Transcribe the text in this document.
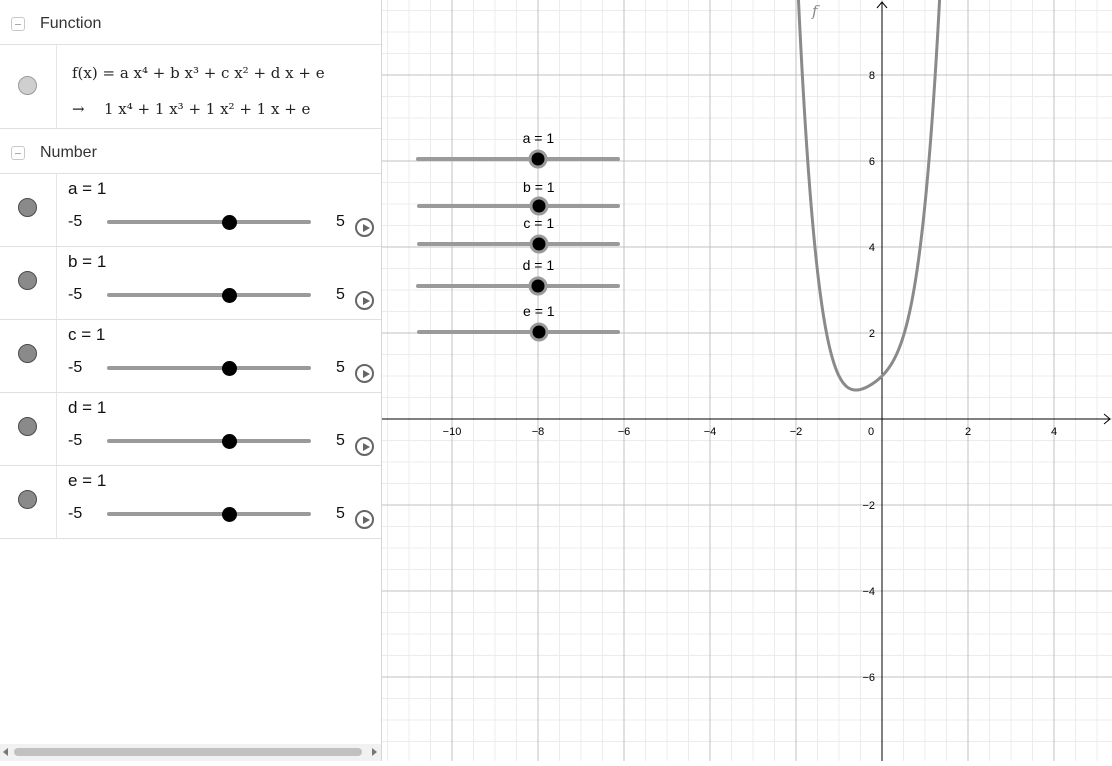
Function
f(x) = a x⁴ + b x³ + c x² + d x + e
→ 1 x⁴ + 1 x³ + 1 x² + 1 x + e
Number
a = 1
-5	5
b = 1
-5	5
c = 1
-5	5
d = 1
-5	5
e = 1
-5	5
−10	−8	−6	−4	−2	0	2	4
8
6
4
2
−2
−4
−6
f
a = 1
b = 1
c = 1
d = 1
e = 1
